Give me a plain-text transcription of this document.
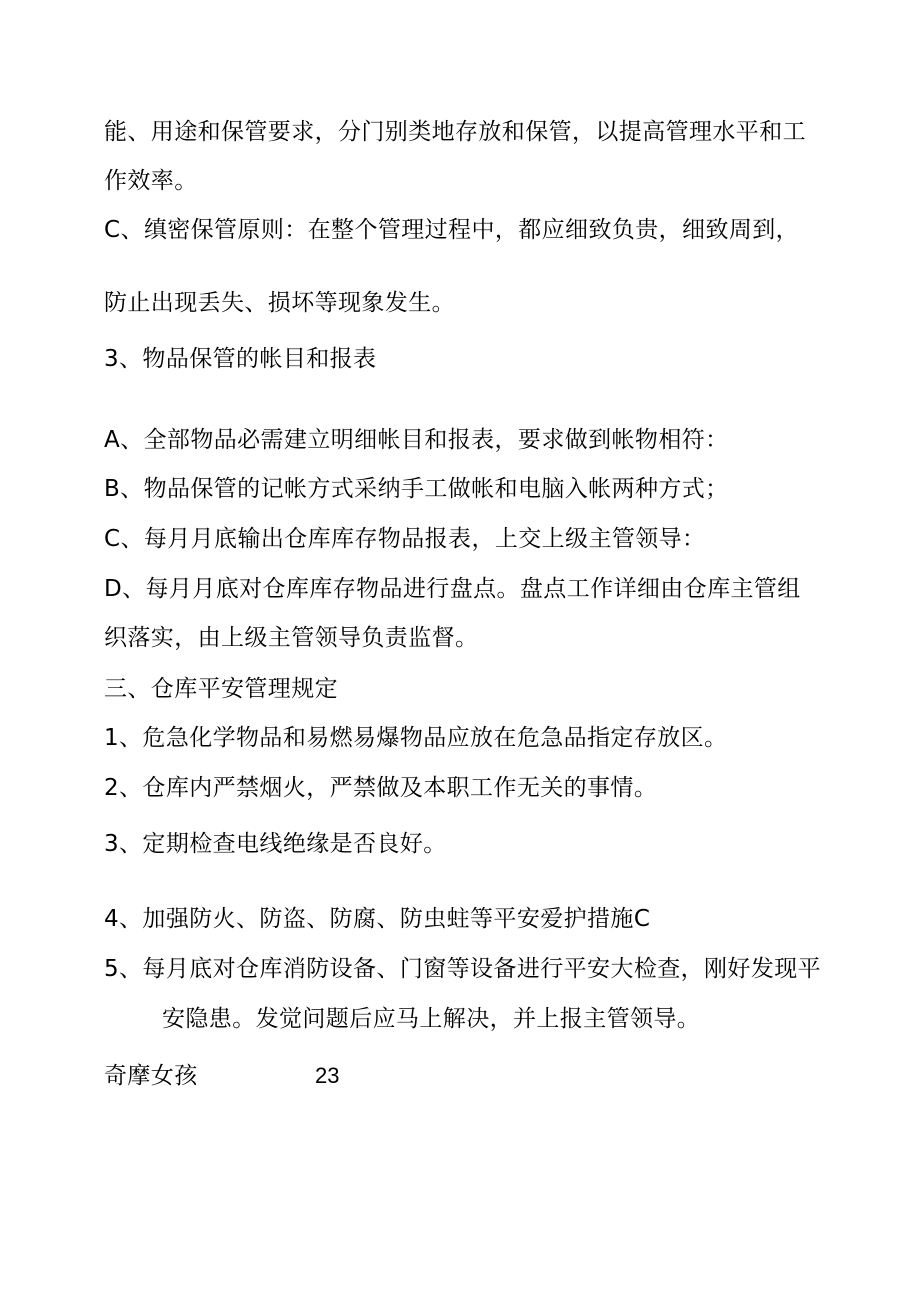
能、用途和保管要求，分门别类地存放和保管，以提高管理水平和工
作效率。
C、缜密保管原则：在整个管理过程中，都应细致负贵，细致周到，
防止出现丢失、损坏等现象发生。
3、物品保管的帐目和报表
A、全部物品必需建立明细帐目和报表，要求做到帐物相符：
B、物品保管的记帐方式采纳手工做帐和电脑入帐两种方式；
C、每月月底输出仓库库存物品报表，上交上级主管领导：
D、每月月底对仓库库存物品进行盘点。盘点工作详细由仓库主管组
织落实，由上级主管领导负责监督。
三、仓库平安管理规定
1、危急化学物品和易燃易爆物品应放在危急品指定存放区。
2、仓库内严禁烟火，严禁做及本职工作无关的事情。
3、定期检查电线绝缘是否良好。
4、加强防火、防盗、防腐、防虫蛀等平安爱护措施C
5、每月底对仓库消防设备、门窗等设备进行平安大检查，刚好发现平
安隐患。发觉问题后应马上解决，并上报主管领导。
奇摩女孩	23
